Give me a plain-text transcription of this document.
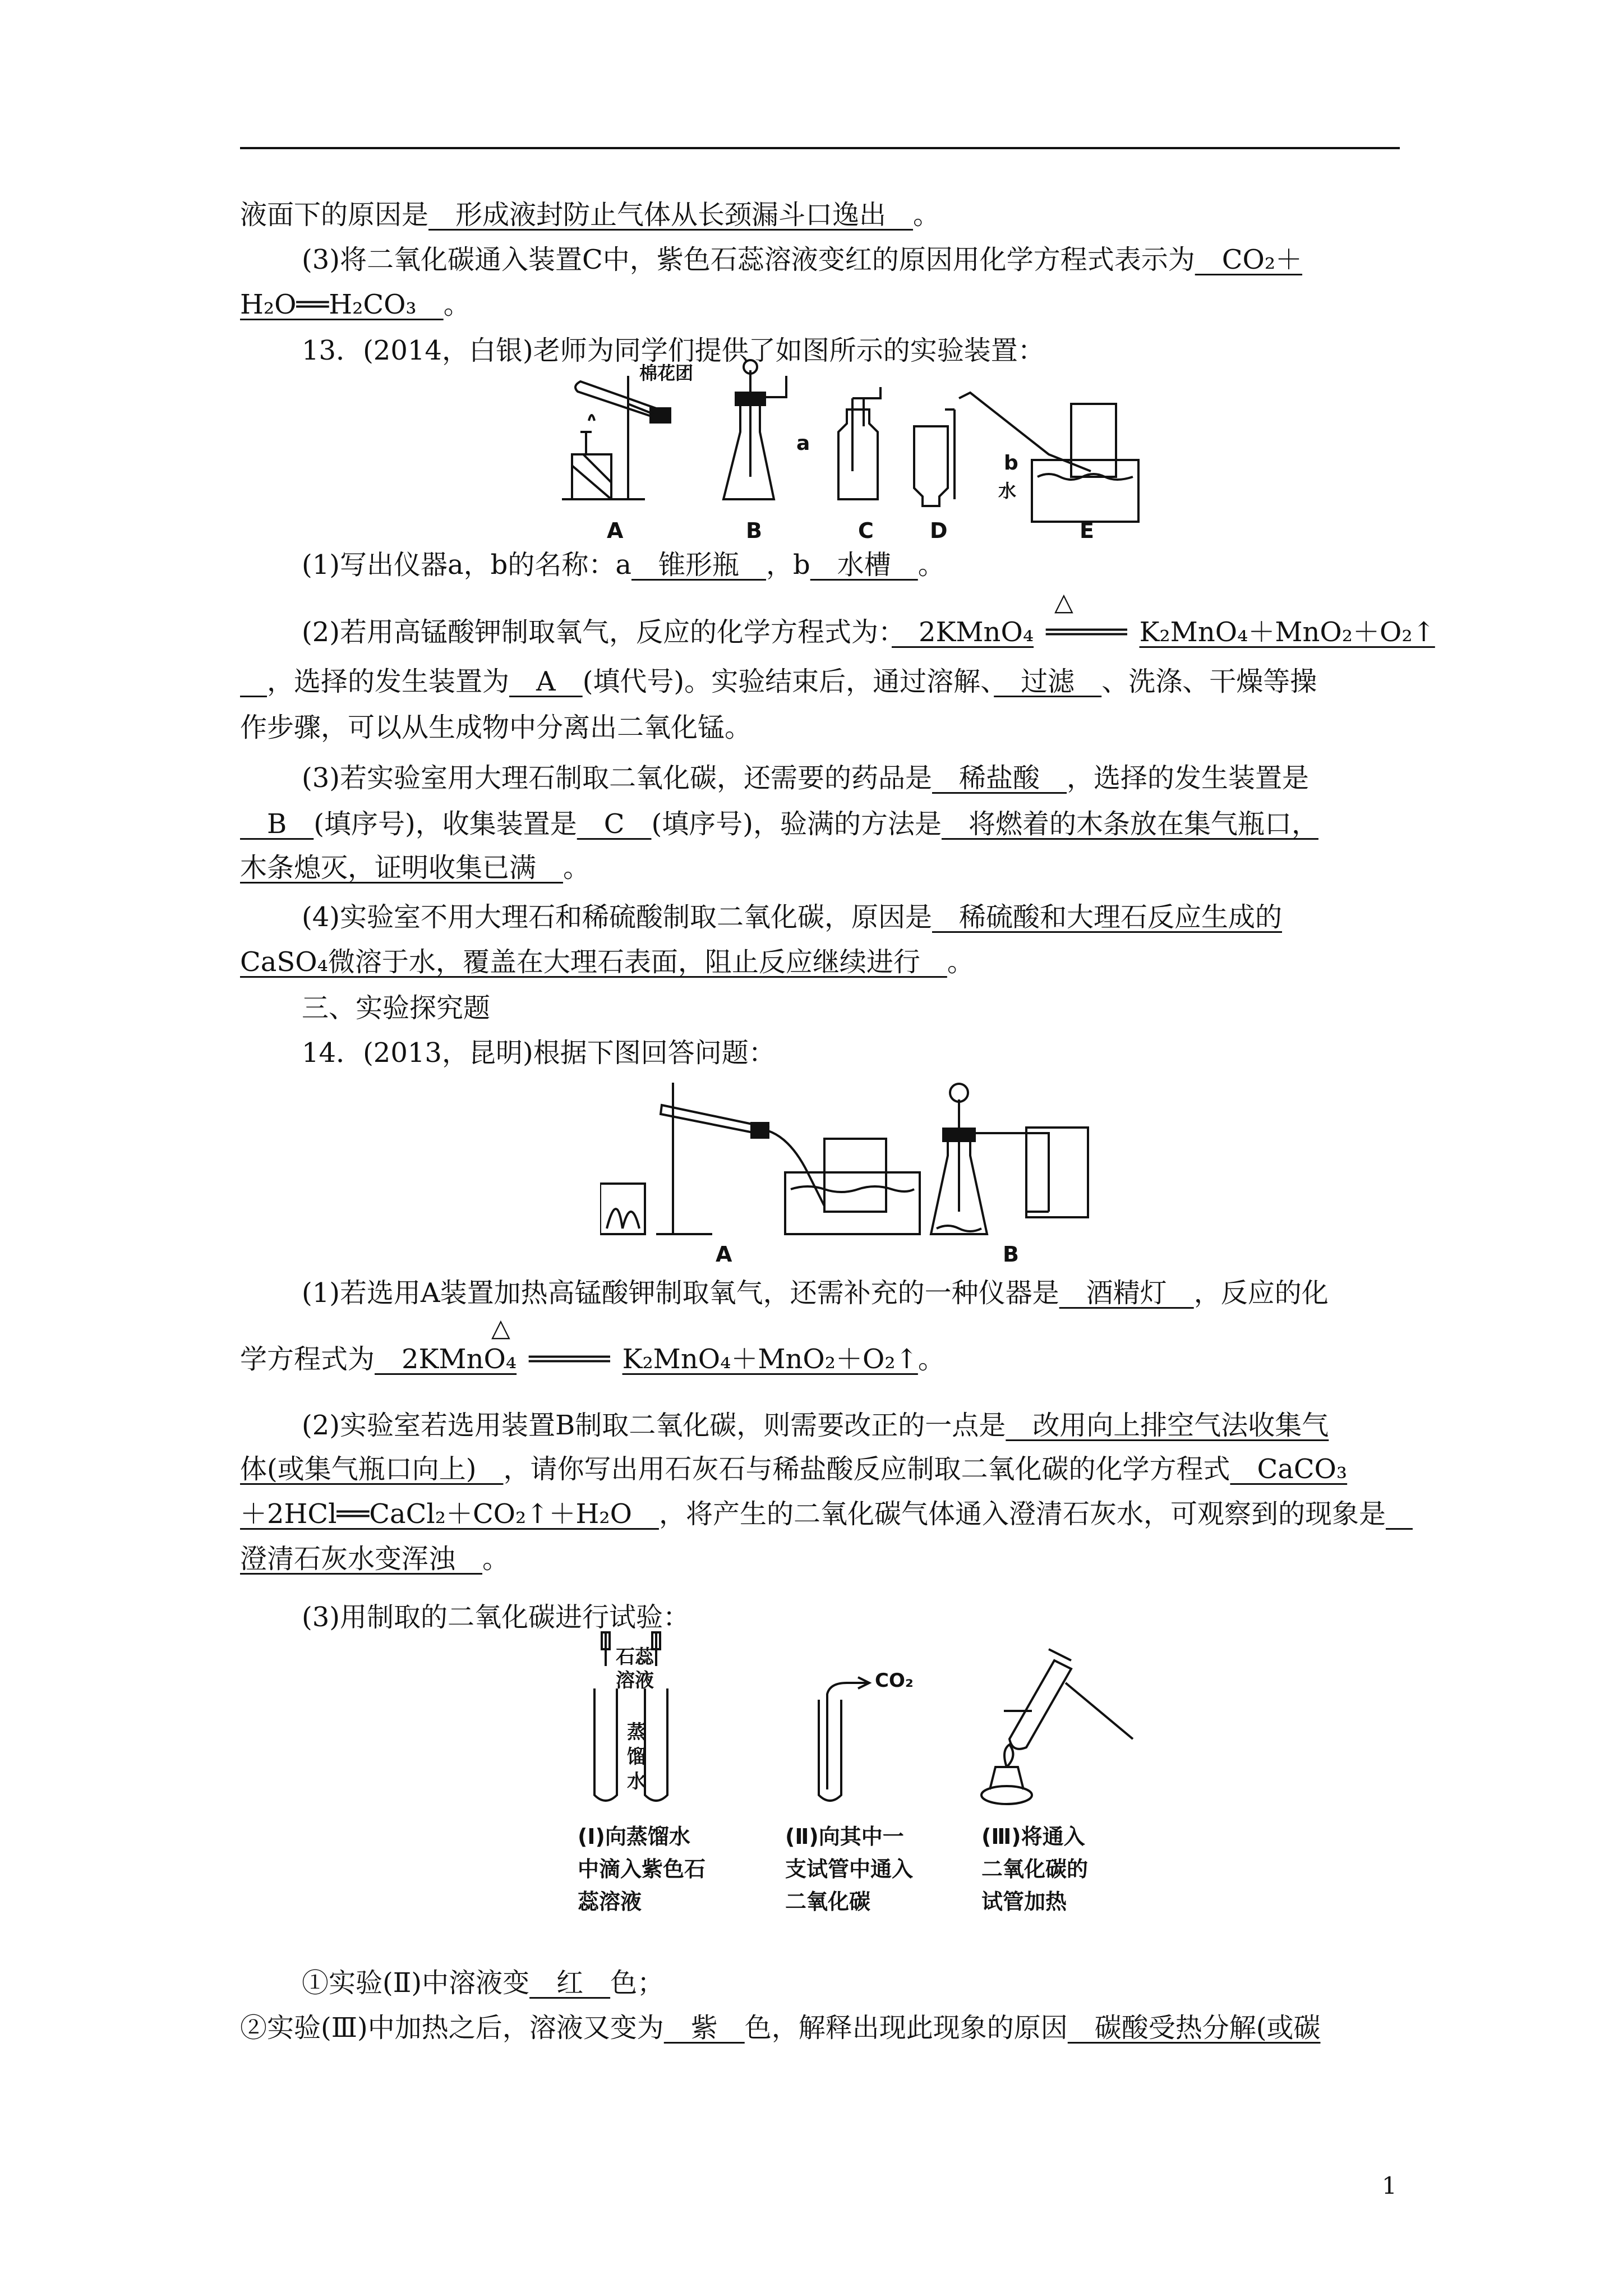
液面下的原因是　形成液封防止气体从长颈漏斗口逸出　。
(3)将二氧化碳通入装置C中，紫色石蕊溶液变红的原因用化学方程式表示为　CO₂＋
H₂O══H₂CO₃　。
13．(2014，白银)老师为同学们提供了如图所示的实验装置：
棉花团
a
b
水
A	B	C	D	E
(1)写出仪器a，b的名称：a　锥形瓶　，b　水槽　。
△
(2)若用高锰酸钾制取氧气，反应的化学方程式为：　2KMnO₄ ═════ K₂MnO₄＋MnO₂＋O₂↑
　，选择的发生装置为　A　(填代号)。实验结束后，通过溶解、　过滤　、洗涤、干燥等操
作步骤，可以从生成物中分离出二氧化锰。
(3)若实验室用大理石制取二氧化碳，还需要的药品是　稀盐酸　，选择的发生装置是
　B　(填序号)，收集装置是　C　(填序号)，验满的方法是　将燃着的木条放在集气瓶口，
木条熄灭，证明收集已满　。
(4)实验室不用大理石和稀硫酸制取二氧化碳，原因是　稀硫酸和大理石反应生成的
CaSO₄微溶于水，覆盖在大理石表面，阻止反应继续进行　。
三、实验探究题
14．(2013，昆明)根据下图回答问题：
A	B
(1)若选用A装置加热高锰酸钾制取氧气，还需补充的一种仪器是　酒精灯　，反应的化
△
学方程式为　2KMnO₄ ═════ K₂MnO₄＋MnO₂＋O₂↑。
(2)实验室若选用装置B制取二氧化碳，则需要改正的一点是　改用向上排空气法收集气
体(或集气瓶口向上)　，请你写出用石灰石与稀盐酸反应制取二氧化碳的化学方程式　CaCO₃
＋2HCl══CaCl₂＋CO₂↑＋H₂O　，将产生的二氧化碳气体通入澄清石灰水，可观察到的现象是　
澄清石灰水变浑浊　。
(3)用制取的二氧化碳进行试验：
石蕊
溶液
蒸
馏
水
CO₂
(Ⅰ)向蒸馏水
中滴入紫色石
蕊溶液
(Ⅱ)向其中一
支试管中通入
二氧化碳
(Ⅲ)将通入
二氧化碳的
试管加热
①实验(Ⅱ)中溶液变　红　色；
②实验(Ⅲ)中加热之后，溶液又变为　紫　色，解释出现此现象的原因　碳酸受热分解(或碳
1
